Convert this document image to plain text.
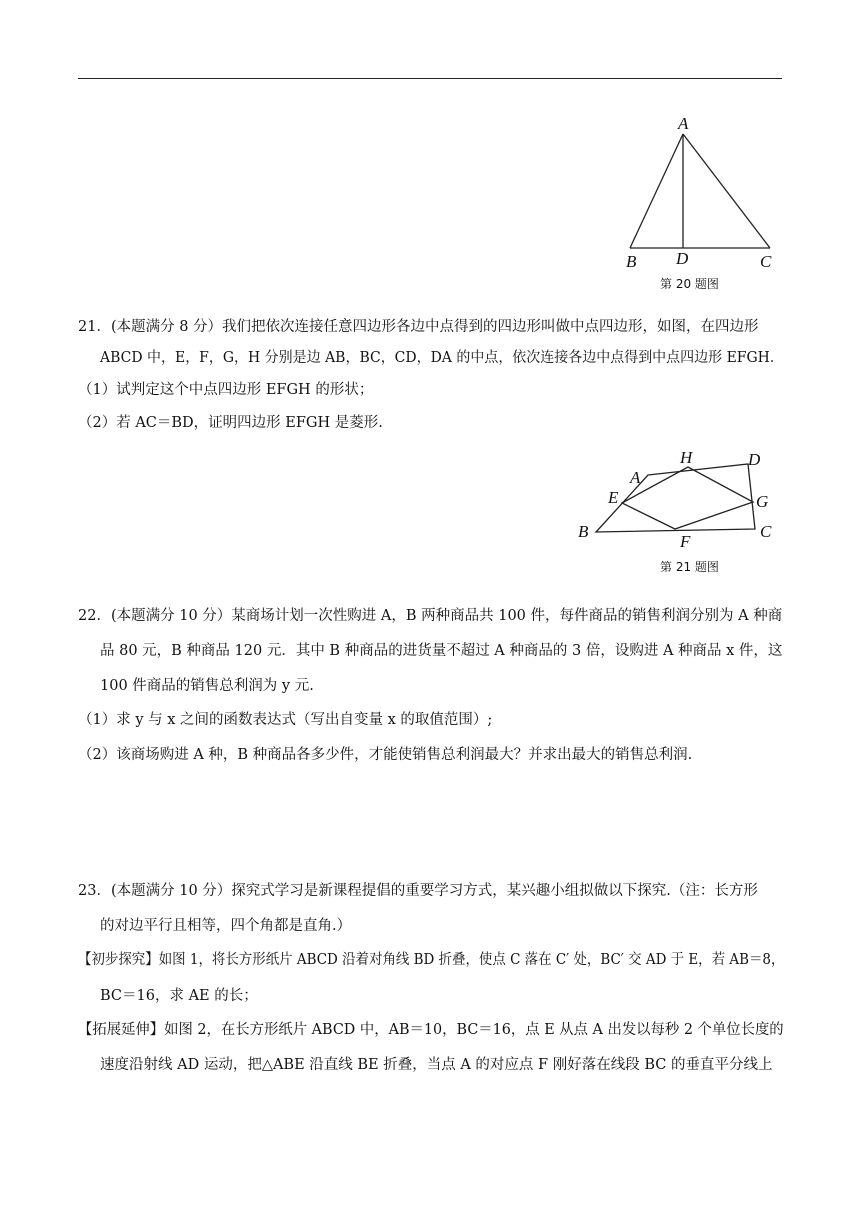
A
B D	C
第 20 题图
21．(本题满分 8 分）我们把依次连接任意四边形各边中点得到的四边形叫做中点四边形，如图，在四边形
ABCD 中，E，F，G，H 分别是边 AB，BC，CD，DA 的中点，依次连接各边中点得到中点四边形 EFGH．
（1）试判定这个中点四边形 EFGH 的形状；
（2）若 AC＝BD，证明四边形 EFGH 是菱形.
A
H	D
E	G
B
F
C
第 21 题图
22．(本题满分 10 分）某商场计划一次性购进 A，B 两种商品共 100 件，每件商品的销售利润分别为 A 种商
品 80 元，B 种商品 120 元．其中 B 种商品的进货量不超过 A 种商品的 3 倍，设购进 A 种商品 x 件，这
100 件商品的销售总利润为 y 元.
（1）求 y 与 x 之间的函数表达式（写出自变量 x 的取值范围）;
（2）该商场购进 A 种，B 种商品各多少件，才能使销售总利润最大？并求出最大的销售总利润.
23．(本题满分 10 分）探究式学习是新课程提倡的重要学习方式，某兴趣小组拟做以下探究.（注：长方形
的对边平行且相等，四个角都是直角.）
【初步探究】如图 1，将长方形纸片 ABCD 沿着对角线 BD 折叠，使点 C 落在 C′ 处，BC′ 交 AD 于 E，若 AB＝8，
BC＝16，求 AE 的长；
【拓展延伸】如图 2，在长方形纸片 ABCD 中，AB＝10，BC＝16，点 E 从点 A 出发以每秒 2 个单位长度的
速度沿射线 AD 运动，把△ABE 沿直线 BE 折叠，当点 A 的对应点 F 刚好落在线段 BC 的垂直平分线上
